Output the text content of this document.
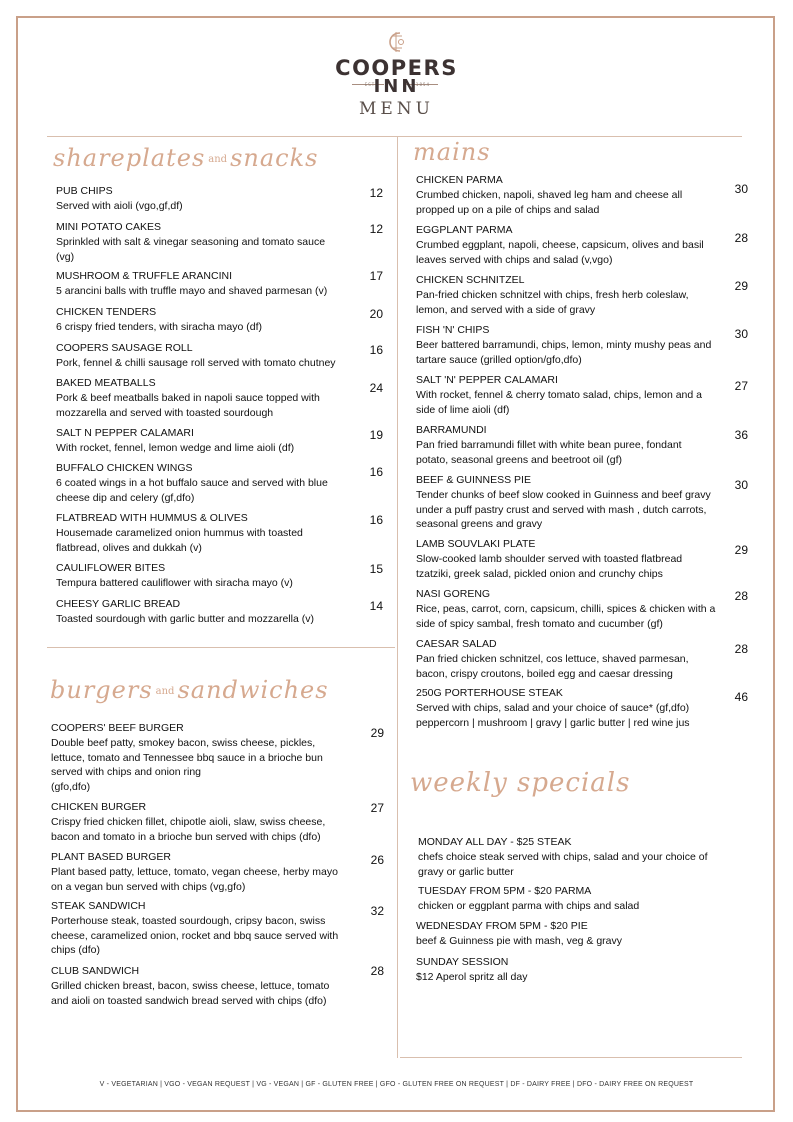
COOPERS
EST	1854
INN
MENU
shareplates and snacks
PUB CHIPS
Served with aioli (vgo,gf,df)
12
MINI POTATO CAKES
Sprinkled with salt & vinegar seasoning and tomato sauce (vg)
12
MUSHROOM & TRUFFLE ARANCINI
5 arancini balls with truffle mayo and shaved parmesan (v)
17
CHICKEN TENDERS
6 crispy fried tenders, with siracha mayo (df)
20
COOPERS SAUSAGE ROLL
Pork, fennel & chilli sausage roll served with tomato chutney
16
BAKED MEATBALLS
Pork & beef meatballs baked in napoli sauce topped with mozzarella and served with toasted sourdough
24
SALT N PEPPER CALAMARI
With rocket, fennel, lemon wedge and lime aioli (df)
19
BUFFALO CHICKEN WINGS
6 coated wings in a hot buffalo sauce and served with blue cheese dip and celery (gf,dfo)
16
FLATBREAD WITH HUMMUS & OLIVES
Housemade caramelized onion hummus with toasted flatbread, olives and dukkah (v)
16
CAULIFLOWER BITES
Tempura battered cauliflower with siracha mayo (v)
15
CHEESY GARLIC BREAD
Toasted sourdough with garlic butter and mozzarella (v)
14
burgers and sandwiches
COOPERS' BEEF BURGER
Double beef patty, smokey bacon, swiss cheese, pickles, lettuce, tomato and Tennessee bbq sauce in a brioche bun served with chips and onion ring
(gfo,dfo)
29
CHICKEN BURGER
Crispy fried chicken fillet, chipotle aioli, slaw, swiss cheese, bacon and tomato in a brioche bun served with chips (dfo)
27
PLANT BASED BURGER
Plant based patty, lettuce, tomato, vegan cheese, herby mayo on a vegan bun served with chips (vg,gfo)
26
STEAK SANDWICH
Porterhouse steak, toasted sourdough, cripsy bacon, swiss cheese, caramelized onion, rocket and bbq sauce served with chips (dfo)
32
CLUB SANDWICH
Grilled chicken breast, bacon, swiss cheese, lettuce, tomato and aioli on toasted sandwich bread served with chips (dfo)
28
mains
CHICKEN PARMA
Crumbed chicken, napoli, shaved leg ham and cheese all propped up on a pile of chips and salad
30
EGGPLANT PARMA
Crumbed eggplant, napoli, cheese, capsicum, olives and basil leaves served with chips and salad (v,vgo)
28
CHICKEN SCHNITZEL
Pan-fried chicken schnitzel with chips, fresh herb coleslaw, lemon, and served with a side of gravy
29
FISH 'N' CHIPS
Beer battered barramundi, chips, lemon, minty mushy peas and tartare sauce (grilled option/gfo,dfo)
30
SALT 'N' PEPPER CALAMARI
With rocket, fennel & cherry tomato salad, chips, lemon and a side of lime aioli (df)
27
BARRAMUNDI
Pan fried barramundi fillet with white bean puree, fondant potato, seasonal greens and beetroot oil (gf)
36
BEEF & GUINNESS PIE
Tender chunks of beef slow cooked in Guinness and beef gravy under a puff pastry crust and served with mash , dutch carrots, seasonal greens and gravy
30
LAMB SOUVLAKI PLATE
Slow-cooked lamb shoulder served with toasted flatbread tzatziki, greek salad, pickled onion and crunchy chips
29
NASI GORENG
Rice, peas, carrot, corn, capsicum, chilli, spices & chicken with a side of spicy sambal, fresh tomato and cucumber (gf)
28
CAESAR SALAD
Pan fried chicken schnitzel, cos lettuce, shaved parmesan, bacon, crispy croutons, boiled egg and caesar dressing
28
250G PORTERHOUSE STEAK
Served with chips, salad and your choice of sauce* (gf,dfo) peppercorn | mushroom | gravy | garlic butter | red wine jus
46
weekly specials
MONDAY ALL DAY - $25 STEAK
chefs choice steak served with chips, salad and your choice of gravy or garlic butter
TUESDAY FROM 5PM - $20 PARMA
chicken or eggplant parma with chips and salad
WEDNESDAY FROM 5PM - $20 PIE
beef & Guinness pie with mash, veg & gravy
SUNDAY SESSION
$12 Aperol spritz all day
V - VEGETARIAN | VGO - VEGAN REQUEST | VG - VEGAN | GF - GLUTEN FREE | GFO - GLUTEN FREE ON REQUEST | DF - DAIRY FREE | DFO - DAIRY FREE ON REQUEST
